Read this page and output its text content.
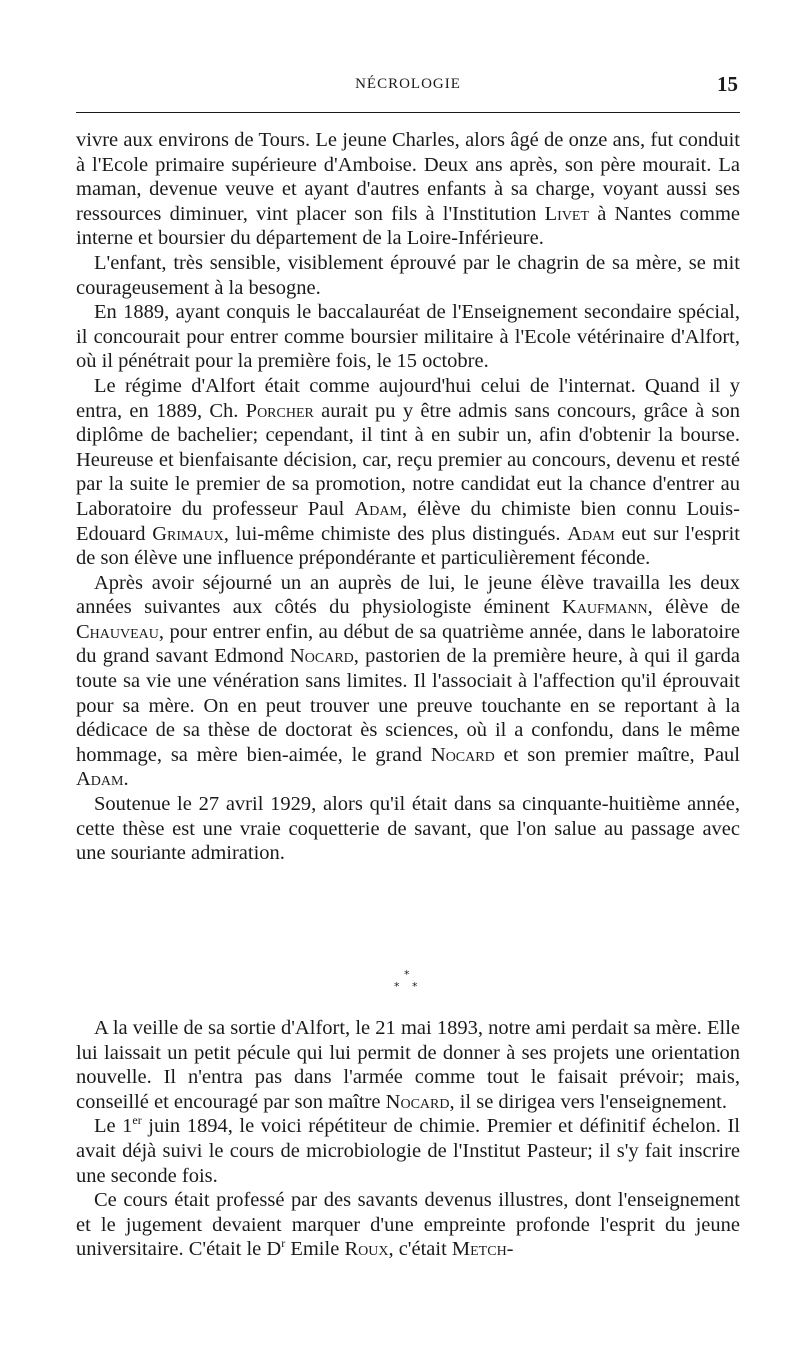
NÉCROLOGIE	15

vivre aux environs de Tours. Le jeune Charles, alors âgé de onze ans, fut conduit à l'Ecole primaire supérieure d'Amboise. Deux ans après, son père mourait. La maman, devenue veuve et ayant d'autres enfants à sa charge, voyant aussi ses ressources diminuer, vint placer son fils à l'Institution Livet à Nantes comme interne et boursier du département de la Loire-Inférieure.

L'enfant, très sensible, visiblement éprouvé par le chagrin de sa mère, se mit courageusement à la besogne.

En 1889, ayant conquis le baccalauréat de l'Enseignement secondaire spécial, il concourait pour entrer comme boursier militaire à l'Ecole vétérinaire d'Alfort, où il pénétrait pour la première fois, le 15 octobre.

Le régime d'Alfort était comme aujourd'hui celui de l'internat. Quand il y entra, en 1889, Ch. Porcher aurait pu y être admis sans concours, grâce à son diplôme de bachelier; cependant, il tint à en subir un, afin d'obtenir la bourse. Heureuse et bienfaisante décision, car, reçu premier au concours, devenu et resté par la suite le premier de sa promotion, notre candidat eut la chance d'entrer au Laboratoire du professeur Paul Adam, élève du chimiste bien connu Louis-Edouard Grimaux, lui-même chimiste des plus distingués. Adam eut sur l'esprit de son élève une influence prépondérante et particulièrement féconde.

Après avoir séjourné un an auprès de lui, le jeune élève travailla les deux années suivantes aux côtés du physiologiste éminent Kaufmann, élève de Chauveau, pour entrer enfin, au début de sa quatrième année, dans le laboratoire du grand savant Edmond Nocard, pastorien de la première heure, à qui il garda toute sa vie une vénération sans limites. Il l'associait à l'affection qu'il éprouvait pour sa mère. On en peut trouver une preuve touchante en se reportant à la dédicace de sa thèse de doctorat ès sciences, où il a confondu, dans le même hommage, sa mère bien-aimée, le grand Nocard et son premier maître, Paul Adam.

Soutenue le 27 avril 1929, alors qu'il était dans sa cinquante-huitième année, cette thèse est une vraie coquetterie de savant, que l'on salue au passage avec une souriante admiration.

*
* *

A la veille de sa sortie d'Alfort, le 21 mai 1893, notre ami perdait sa mère. Elle lui laissait un petit pécule qui lui permit de donner à ses projets une orientation nouvelle. Il n'entra pas dans l'armée comme tout le faisait prévoir; mais, conseillé et encouragé par son maître Nocard, il se dirigea vers l'enseignement.

Le 1er juin 1894, le voici répétiteur de chimie. Premier et définitif échelon. Il avait déjà suivi le cours de microbiologie de l'Institut Pasteur; il s'y fait inscrire une seconde fois.

Ce cours était professé par des savants devenus illustres, dont l'enseignement et le jugement devaient marquer d'une empreinte profonde l'esprit du jeune universitaire. C'était le $D^r$ Emile Roux, c'était Metch-
